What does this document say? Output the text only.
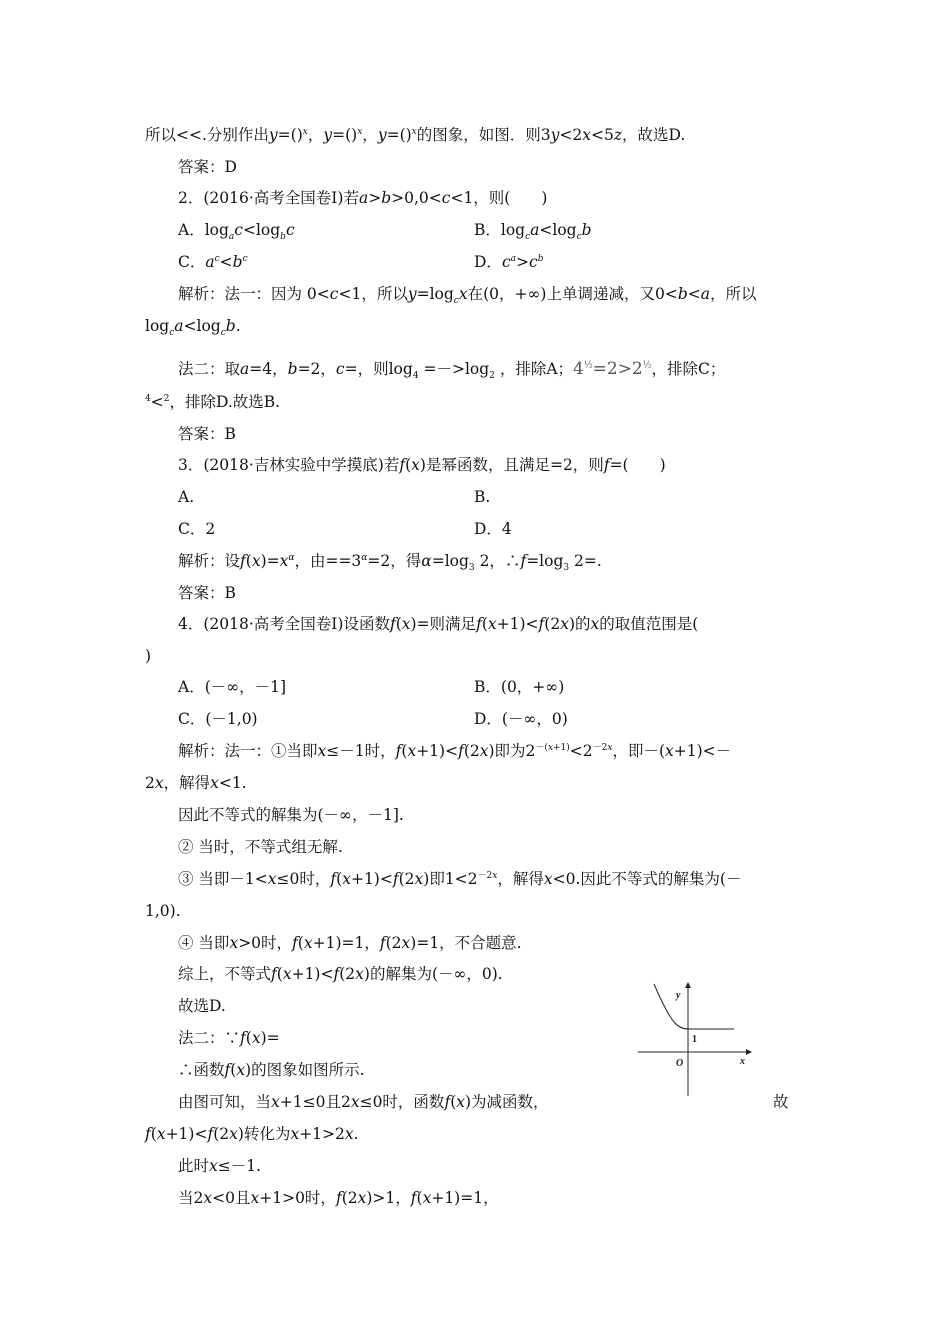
所以<<.分别作出y=()$^x$，y=()$^x$，y=()$^x$的图象，如图．则3y<2x<5z，故选D.
答案：D
2．(2016·高考全国卷Ⅰ)若a>b>0,0<c<1，则(　　)
A．$\log_ac<\log_bc$	B．$\log_ca<\log_cb$
C．$a^c<b^c$	D．$c^a>c^b$
解析：法一：因为 0<c<1，所以$y=\log_cx$在(0，+∞)上单调递减，又0<b<a，所以
$\log_ca<\log_cb$.
法二：取a=4，b=2，c=，则$\log_4 =->\log_2$ ，排除A；$4^{\frac{1}{2}}=2>2^{\frac{1}{2}}$，排除C；
$^4$<$^2$，排除D.故选B.
答案：B
3．(2018·吉林实验中学摸底)若f(x)是幂函数，且满足=2，则f=(　　)
A.	B.
C．2	D．4
解析：设$f(x)=x^\alpha$，由$==3^\alpha=2$，得$\alpha=\log_3$ 2，$\therefore f=\log_3$ 2=.
答案：B
4．(2018·高考全国卷Ⅰ)设函数f(x)=则满足f(x+1)<f(2x)的x的取值范围是(
)
A．(－∞，－1]	B．(0，+∞)
C．(－1,0)	D．(－∞，0)
解析：法一：①当即x≤－1时，f(x+1)<f(2x)即为$2^{-(x+1)}<2^{-2x}$，即－(x+1)<－
2x，解得x<1.
因此不等式的解集为(－∞，－1].
② 当时，不等式组无解.
③ 当即－1<x≤0时，f(x+1)<f(2x)即$1<2^{-2x}$，解得x<0.因此不等式的解集为(－
1,0).
④ 当即x>0时，f(x+1)=1，f(2x)=1，不合题意.
综上，不等式f(x+1)<f(2x)的解集为(－∞，0).
故选D.
法二：∵f(x)=
∴函数f(x)的图象如图所示.
由图可知，当x+1≤0且2x≤0时，函数f(x)为减函数，	故
f(x+1)<f(2x)转化为x+1>2x.
此时x≤－1.
当2x<0且x+1>0时，f(2x)>1，f(x+1)=1，
y
x
O
1
